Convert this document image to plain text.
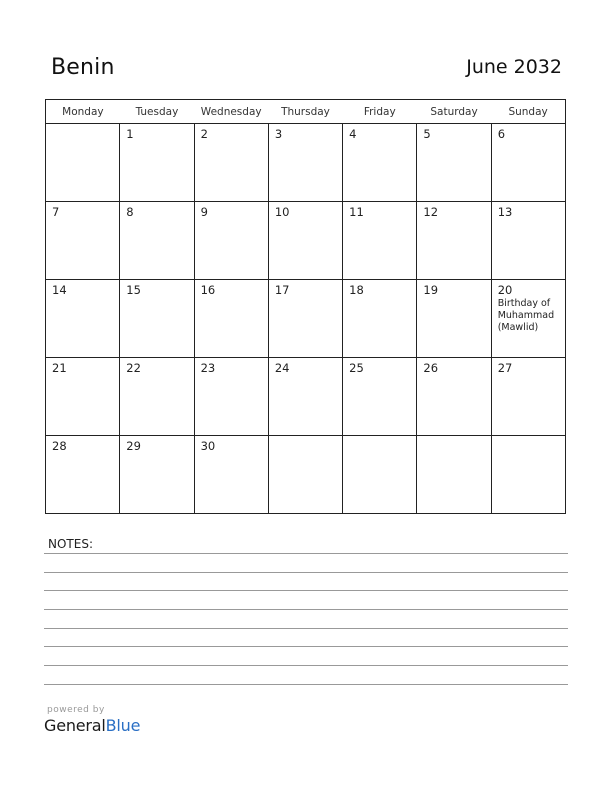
Benin	June 2032
Monday	Tuesday	Wednesday	Thursday	Friday	Saturday	Sunday

	1	2	3	4	5	6

7	8	9	10	11	12	13

14	15	16	17	18	19	20
Birthday of Muhammad (Mawlid)

21	22	23	24	25	26	27

28	29	30				

NOTES:
powered by
GeneralBlue
